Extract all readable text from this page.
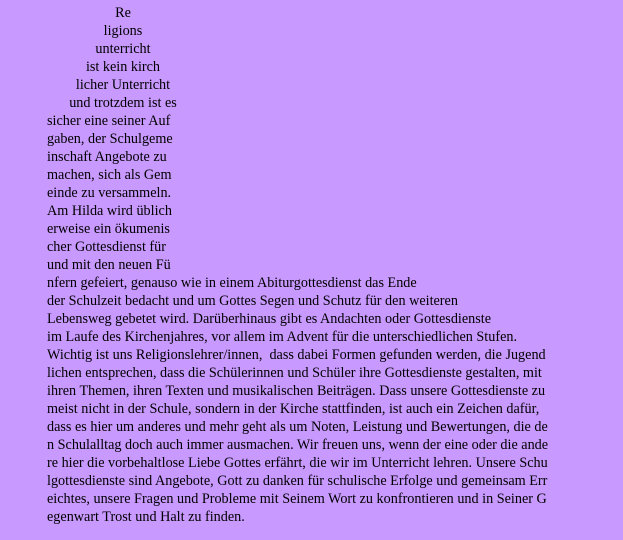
Re
ligions
unterricht
ist kein kirch
licher Unterricht
und trotzdem ist es
sicher eine seiner Auf
gaben, der Schulgeme
inschaft Angebote zu
machen, sich als Gem
einde zu versammeln.
Am Hilda wird üblich
erweise ein ökumenis
cher Gottesdienst für
und mit den neuen Fü
nfern gefeiert, genauso wie in einem Abiturgottesdienst das Ende
der Schulzeit bedacht und um Gottes Segen und Schutz für den weiteren
Lebensweg gebetet wird. Darüberhinaus gibt es Andachten oder Gottesdienste
im Laufe des Kirchenjahres, vor allem im Advent für die unterschiedlichen Stufen.
Wichtig ist uns Religionslehrer/innen,  dass dabei Formen gefunden werden, die Jugend
lichen entsprechen, dass die Schülerinnen und Schüler ihre Gottesdienste gestalten, mit
ihren Themen, ihren Texten und musikalischen Beiträgen. Dass unsere Gottesdienste zu
meist nicht in der Schule, sondern in der Kirche stattfinden, ist auch ein Zeichen dafür,
dass es hier um anderes und mehr geht als um Noten, Leistung und Bewertungen, die de
n Schulalltag doch auch immer ausmachen. Wir freuen uns, wenn der eine oder die ande
re hier die vorbehaltlose Liebe Gottes erfährt, die wir im Unterricht lehren. Unsere Schu
lgottesdienste sind Angebote, Gott zu danken für schulische Erfolge und gemeinsam Err
eichtes, unsere Fragen und Probleme mit Seinem Wort zu konfrontieren und in Seiner G
egenwart Trost und Halt zu finden.
